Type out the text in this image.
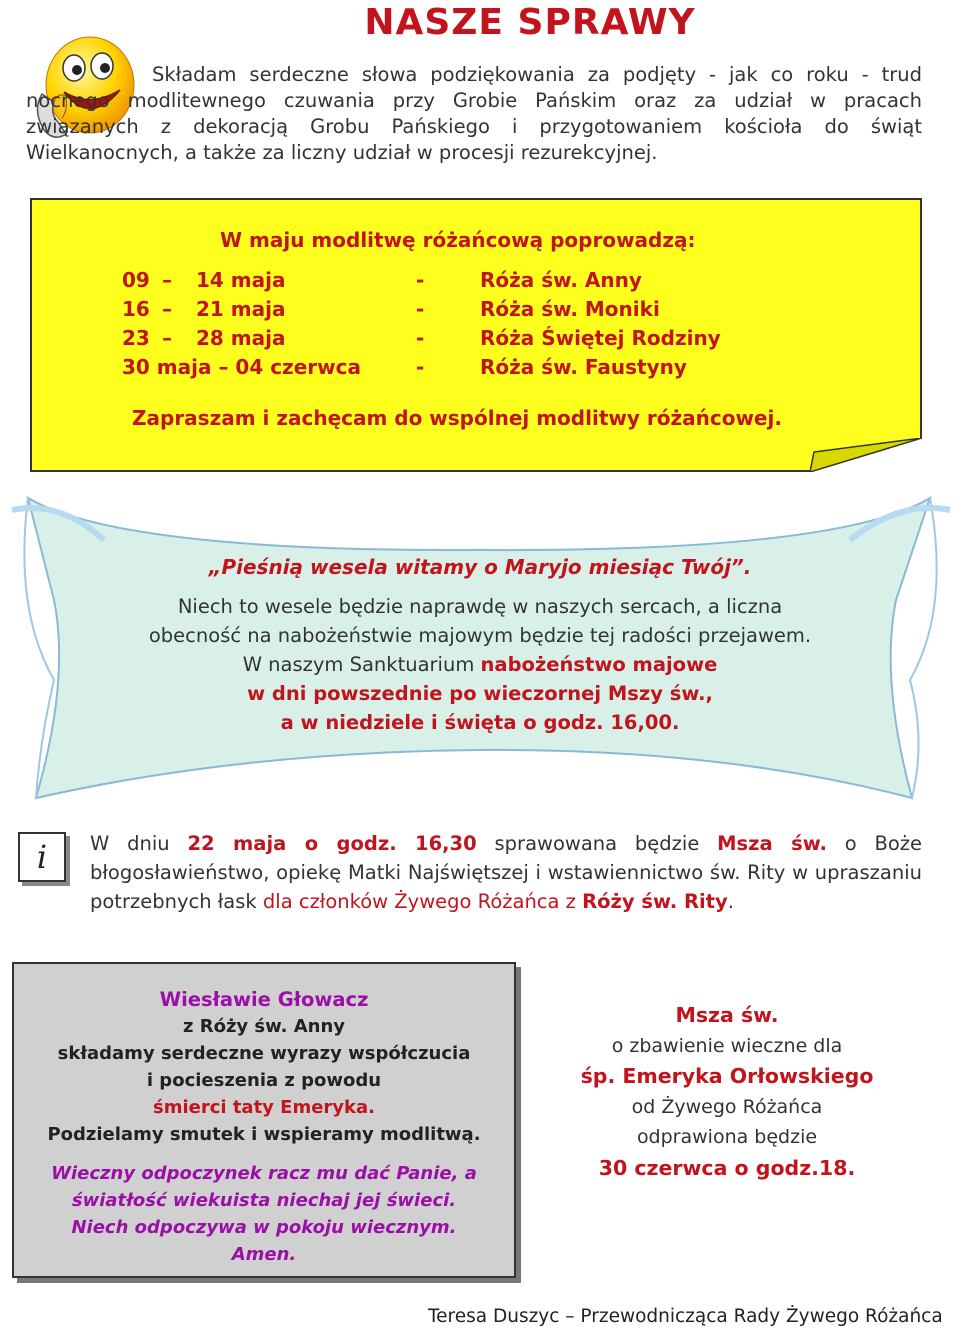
NASZE SPRAWY

Składam serdeczne słowa podziękowania za podjęty - jak co roku - trud nocnego modlitewnego czuwania przy Grobie Pańskim oraz za udział w pracach związanych z dekoracją Grobu Pańskiego i przygotowaniem kościoła do świąt Wielkanocnych, a także za liczny udział w procesji rezurekcyjnej.

W maju modlitwę różańcową poprowadzą:
09 – 14 maja	-	Róża św. Anny
16 – 21 maja	-	Róża św. Moniki
23 – 28 maja	-	Róża Świętej Rodziny
30 maja – 04 czerwca	-	Róża św. Faustyny
Zapraszam i zachęcam do wspólnej modlitwy różańcowej.
„Pieśnią wesela witamy o Maryjo miesiąc Twój”.
Niech to wesele będzie naprawdę w naszych sercach, a liczna
obecność na nabożeństwie majowym będzie tej radości przejawem.
W naszym Sanktuarium nabożeństwo majowe
w dni powszednie po wieczornej Mszy św.,
a w niedziele i święta o godz. 16,00.
i	W dniu 22 maja o godz. 16,30 sprawowana będzie Msza św. o Boże błogosławieństwo, opiekę Matki Najświętszej i wstawiennictwo św. Rity w upraszaniu potrzebnych łask dla członków Żywego Różańca z Róży św. Rity.
Wiesławie Głowacz
z Róży św. Anny
składamy serdeczne wyrazy współczucia
i pocieszenia z powodu
śmierci taty Emeryka.
Podzielamy smutek i wspieramy modlitwą.
Wieczny odpoczynek racz mu dać Panie, a
światłość wiekuista niechaj jej świeci.
Niech odpoczywa w pokoju wiecznym.
Amen.
Msza św.
o zbawienie wieczne dla
śp. Emeryka Orłowskiego
od Żywego Różańca
odprawiona będzie
30 czerwca o godz.18.
Teresa Duszyc – Przewodnicząca Rady Żywego Różańca
